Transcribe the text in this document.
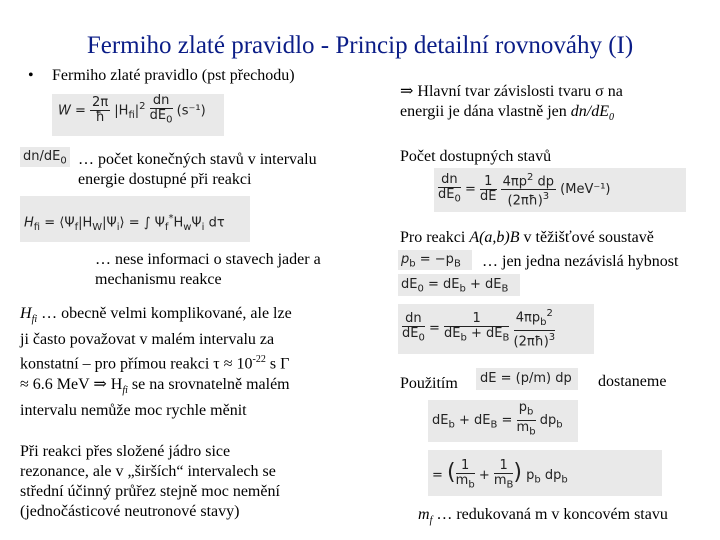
Fermiho zlaté pravidlo - Princip detailní rovnováhy (I)
• Fermiho zlaté pravidlo (pst přechodu)
$W = \frac{2\pi}{ħ} |H_{fi}|^2 \frac{dn}{dE_0} (s^{-1})$
$dn/dE_0$ … počet konečných stavů v intervalu
energie dostupné při reakci
$H_{fi}$ = $⟨\Psi_f|H_W|\Psi_i⟩$ = ∫ $\Psi_f^*H_w\Psi_i$ dτ
… nese informaci o stavech jader a
mechanismu reakce
$H_{fi}$ … obecně velmi komplikované, ale lze
ji často považovat v malém intervalu za
konstatní – pro přímou reakci $\tau \approx 10^{-22}$ s Γ
≈ 6.6 MeV ⇒ $H_{fi}$ se na srovnatelně malém
intervalu nemůže moc rychle měnit
Při reakci přes složené jádro sice
rezonance, ale v „širších“ intervalech se
střední účinný průřez stejně moc nemění
(jednočásticové neutronové stavy)
⇒ Hlavní tvar závislosti tvaru σ na
energii je dána vlastně jen $dn/dE_0$
Počet dostupných stavů
$\frac{dn}{dE_0} = \frac{1}{dE}$
$\frac{4\pi p^2 dp}{(2\pi ħ)^3} (MeV^{-1})$
Pro reakci A(a,b)B v těžišťové soustavě
$p_b = -p_B$	… jen jedna nezávislá hybnost
$dE_0 = dE_b + dE_B$
$\frac{dn}{dE_0} = \frac{1}{dE_b + dE_B}$
$\frac{4\pi p_b^2}{(2\pi ħ)^3}$
Použitím	dE = (p/m) dp	dostaneme
$dE_b + dE_B = \frac{p_b}{m_b} dp_b$
= ( $\frac{1}{m_b} + \frac{1}{m_B}$ ) $p_b$ $dp_b$
$m_f$ … redukovaná m v koncovém stavu
